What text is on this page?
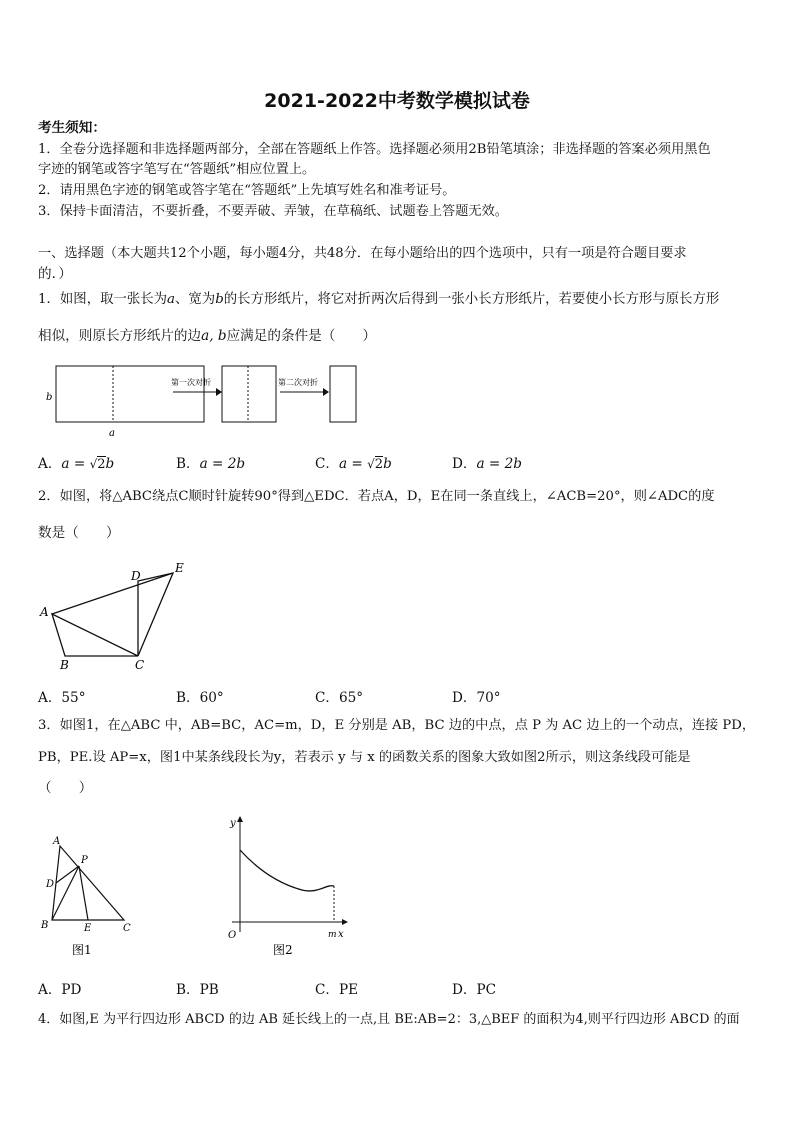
2021-2022中考数学模拟试卷
考生须知：
1．全卷分选择题和非选择题两部分，全部在答题纸上作答。选择题必须用2B铅笔填涂；非选择题的答案必须用黑色
字迹的钢笔或答字笔写在“答题纸”相应位置上。
2．请用黑色字迹的钢笔或答字笔在“答题纸”上先填写姓名和准考证号。
3．保持卡面清洁，不要折叠，不要弄破、弄皱，在草稿纸、试题卷上答题无效。
一、选择题（本大题共12个小题，每小题4分，共48分．在每小题给出的四个选项中，只有一项是符合题目要求
的．）
1．如图，取一张长为a、宽为b的长方形纸片，将它对折两次后得到一张小长方形纸片，若要使小长方形与原长方形
相似，则原长方形纸片的边a, b应满足的条件是（　　）
b
a
第一次对折	第二次对折
A．a = √2b	B．a = 2b	C．a = √2b	D．a = 2b
2．如图，将△ABC绕点C顺时针旋转90°得到△EDC．若点A，D，E在同一条直线上，∠ACB=20°，则∠ADC的度
数是（　　）
A
B	C
D
E
A．55°	B．60°	C．65°	D．70°
3．如图1，在△ABC 中，AB=BC，AC=m，D，E 分别是 AB，BC 边的中点，点 P 为 AC 边上的一个动点，连接 PD，
PB，PE.设 AP=x，图1中某条线段长为y，若表示 y 与 x 的函数关系的图象大致如图2所示，则这条线段可能是
（　　）
A
P
D
B	E	C
图1
y
O	m x
图2
A．PD	B．PB	C．PE	D．PC
4．如图,E 为平行四边形 ABCD 的边 AB 延长线上的一点,且 BE:AB=2：3,△BEF 的面积为4,则平行四边形 ABCD 的面
